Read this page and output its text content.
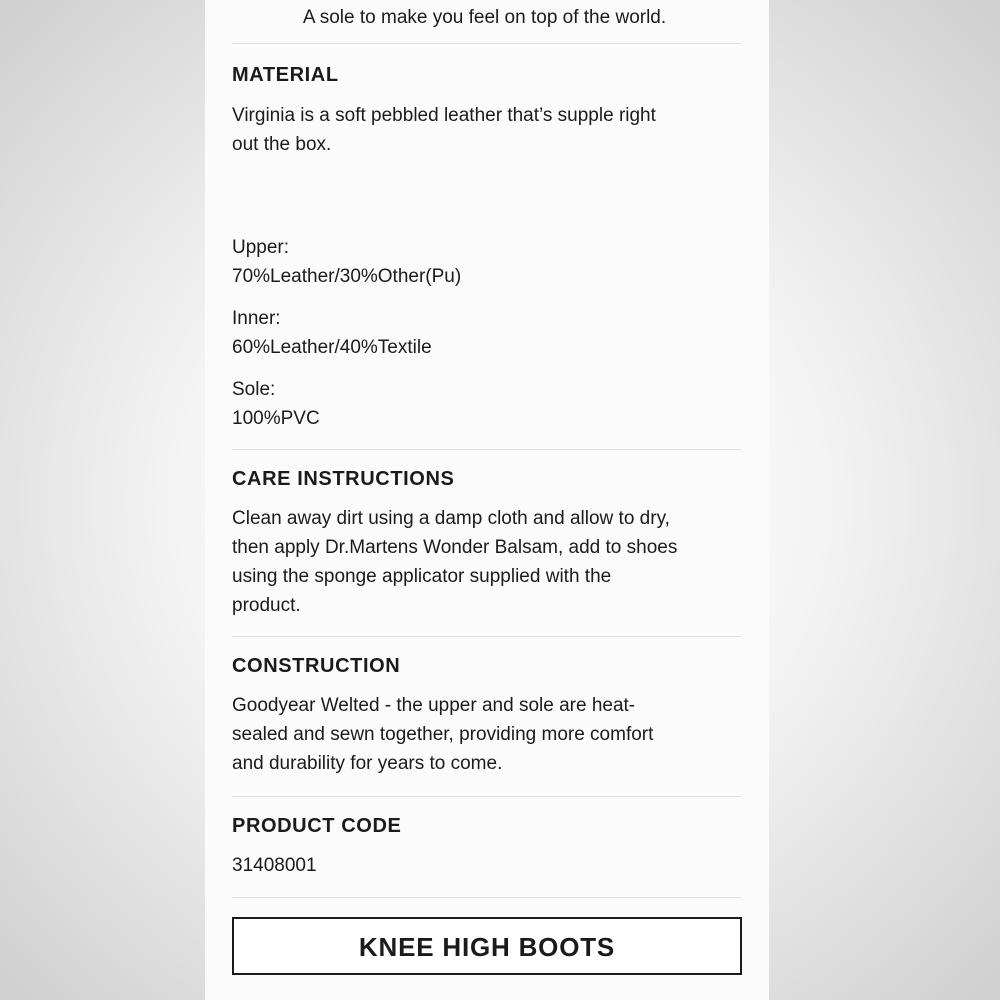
A sole to make you feel on top of the world.
MATERIAL

Virginia is a soft pebbled leather that’s supple right

out the box.

Upper:

70%Leather/30%Other(Pu)

Inner:

60%Leather/40%Textile

Sole:

100%PVC

CARE INSTRUCTIONS

Clean away dirt using a damp cloth and allow to dry,

then apply Dr.Martens Wonder Balsam, add to shoes

using the sponge applicator supplied with the

product.

CONSTRUCTION

Goodyear Welted - the upper and sole are heat-

sealed and sewn together, providing more comfort

and durability for years to come.

PRODUCT CODE

31408001

KNEE HIGH BOOTS
